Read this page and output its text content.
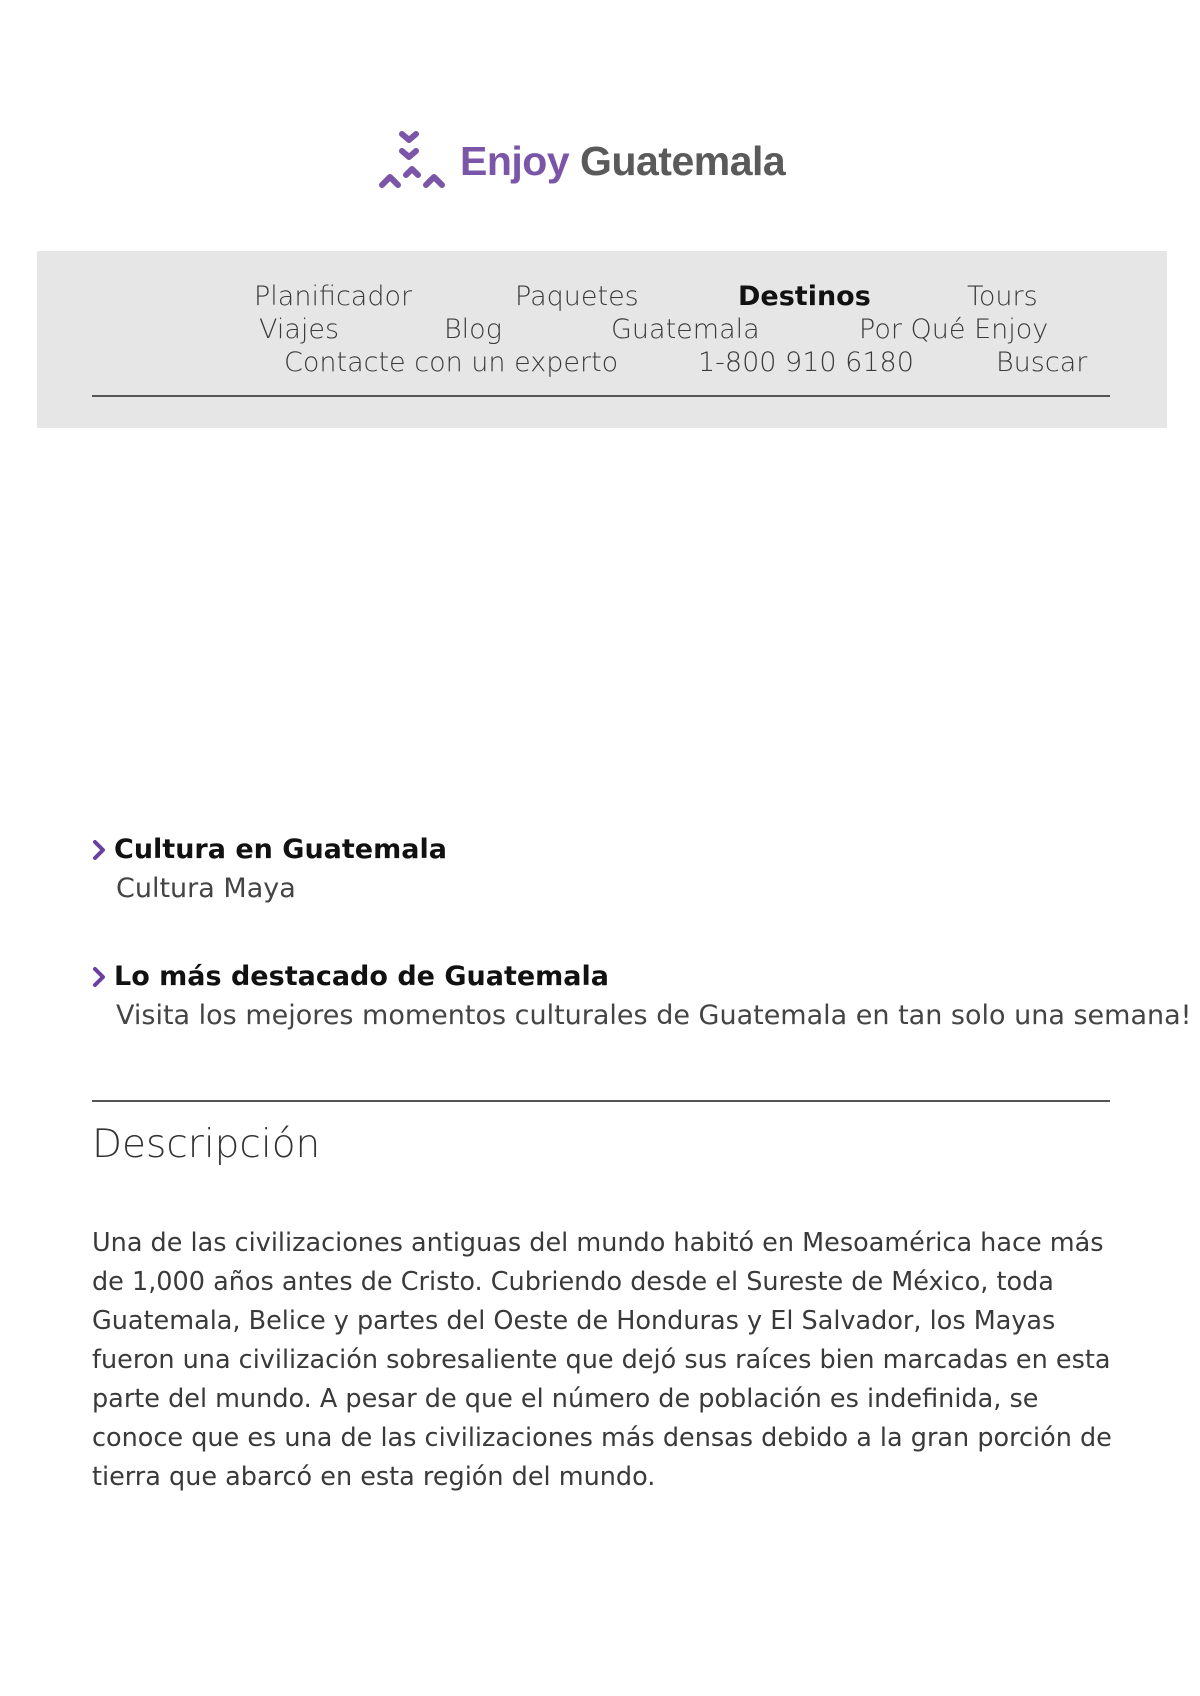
Enjoy Guatemala
Planificador	Paquetes	Destinos	Tours
Viajes	Blog	Guatemala	Por Qué Enjoy
Contacte con un experto	1-800 910 6180	Buscar
Cultura en Guatemala
Cultura Maya
Lo más destacado de Guatemala
Visita los mejores momentos culturales de Guatemala en tan solo una semana!
Descripción

Una de las civilizaciones antiguas del mundo habitó en Mesoamérica hace más de 1,000 años antes de Cristo. Cubriendo desde el Sureste de México, toda Guatemala, Belice y partes del Oeste de Honduras y El Salvador, los Mayas fueron una civilización sobresaliente que dejó sus raíces bien marcadas en esta parte del mundo. A pesar de que el número de población es indefinida, se conoce que es una de las civilizaciones más densas debido a la gran porción de tierra que abarcó en esta región del mundo.
